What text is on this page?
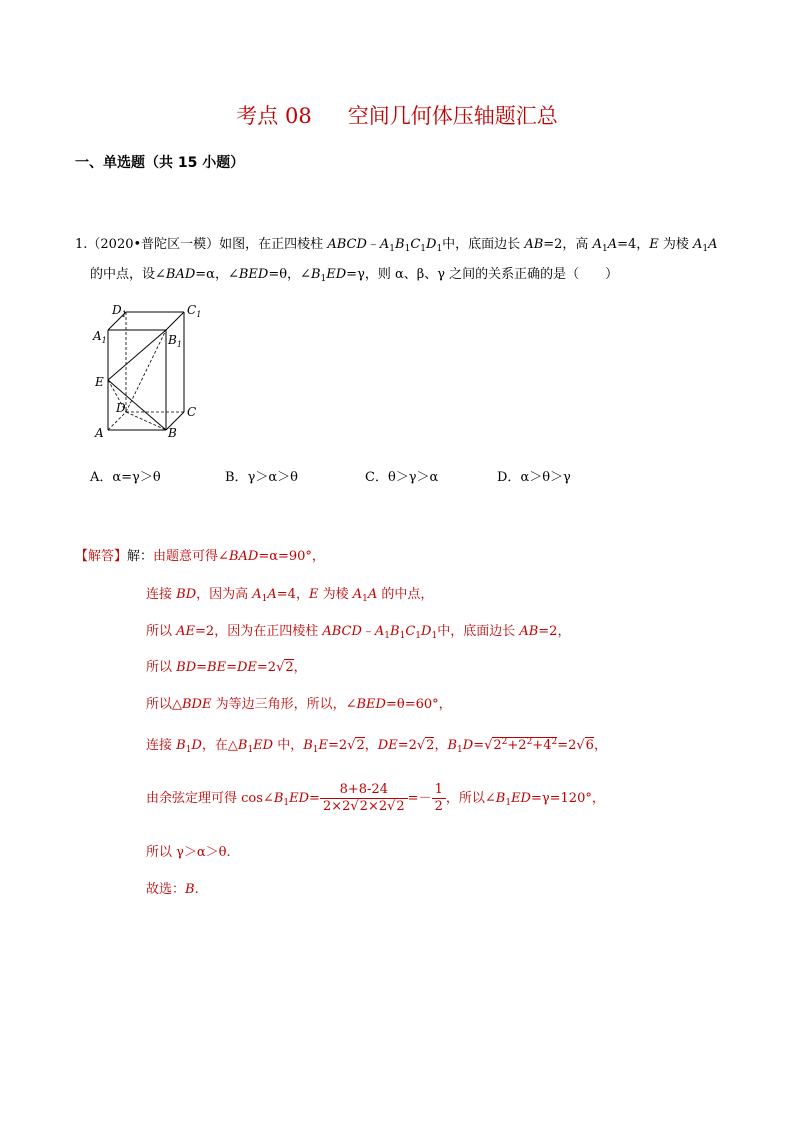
考点 08 空间几何体压轴题汇总
一、单选题（共 15 小题）
1.（2020•普陀区一模）如图，在正四棱柱 $ABCD﹣A_1B_1C_1D_1$中，底面边长 AB=2，高 $A_1A=4$，E 为棱 $A_1A$
的中点，设∠BAD=α，∠BED=θ，$\angle B_1ED=\gamma$，则 α、β、γ 之间的关系正确的是（　　）
$D_1$	$C_1$
$A_1$	$B_1$
E
D	C
A	B
A．α=γ＞θ	B．γ＞α＞θ	C．θ＞γ＞α	D．α＞θ＞γ
【解答】解：由题意可得∠BAD=α=90°，
连接 BD，因为高 $A_1A=4$，E 为棱 $A_1A$ 的中点，
所以 AE=2，因为在正四棱柱 $ABCD﹣A_1B_1C_1D_1$中，底面边长 AB=2，
所以 BD=BE=DE=2√2，
所以△BDE 为等边三角形，所以，∠BED=θ=60°，
连接 $B_1D$，在$\triangle B_1ED$ 中，$B_1E=2√2$，DE=2√2，$B_1D=√2^2+2^2+4^2=2√6$，
由余弦定理可得 $\cos\angle B_1ED= \frac{8+8-24}{2\times 2√2\times 2√2} =- \frac{1}{2}$ ，所以$\angle B_1ED=\gamma=120^\circ$，
所以 γ＞α＞θ.
故选：B.
